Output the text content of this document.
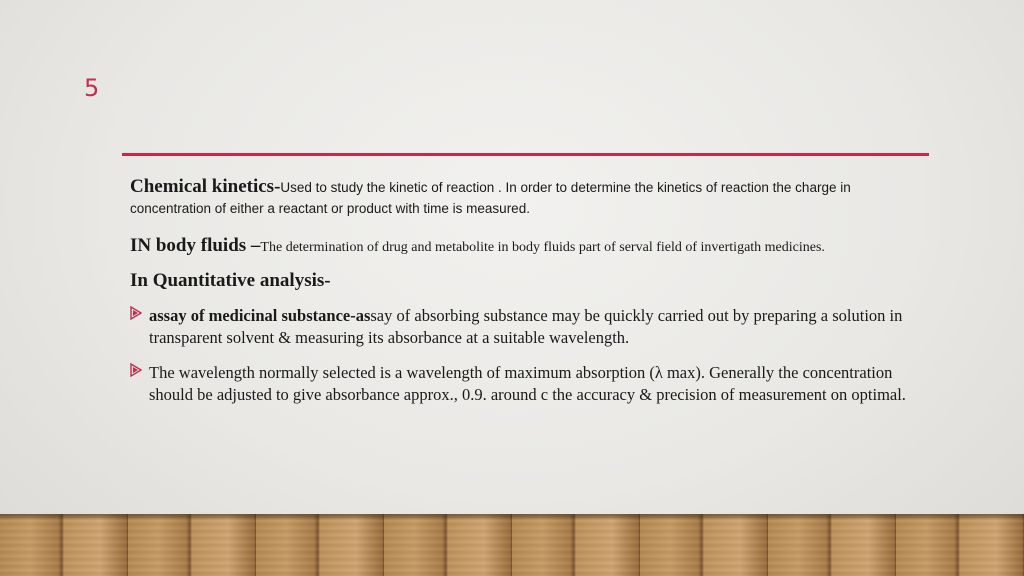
5

Chemical kinetics-Used to study the kinetic of reaction . In order to determine the kinetics of reaction the charge in concentration of either a reactant or product with time is measured.

IN body fluids –The determination of drug and metabolite in body fluids part of serval field of invertigath medicines.

In Quantitative analysis-

assay of medicinal substance-assay of absorbing substance may be quickly carried out by preparing a solution in transparent solvent & measuring its absorbance at a suitable wavelength.
The wavelength normally selected is a wavelength of maximum absorption (λ max). Generally the concentration should be adjusted to give absorbance approx., 0.9. around c the accuracy & precision of measurement on optimal.
